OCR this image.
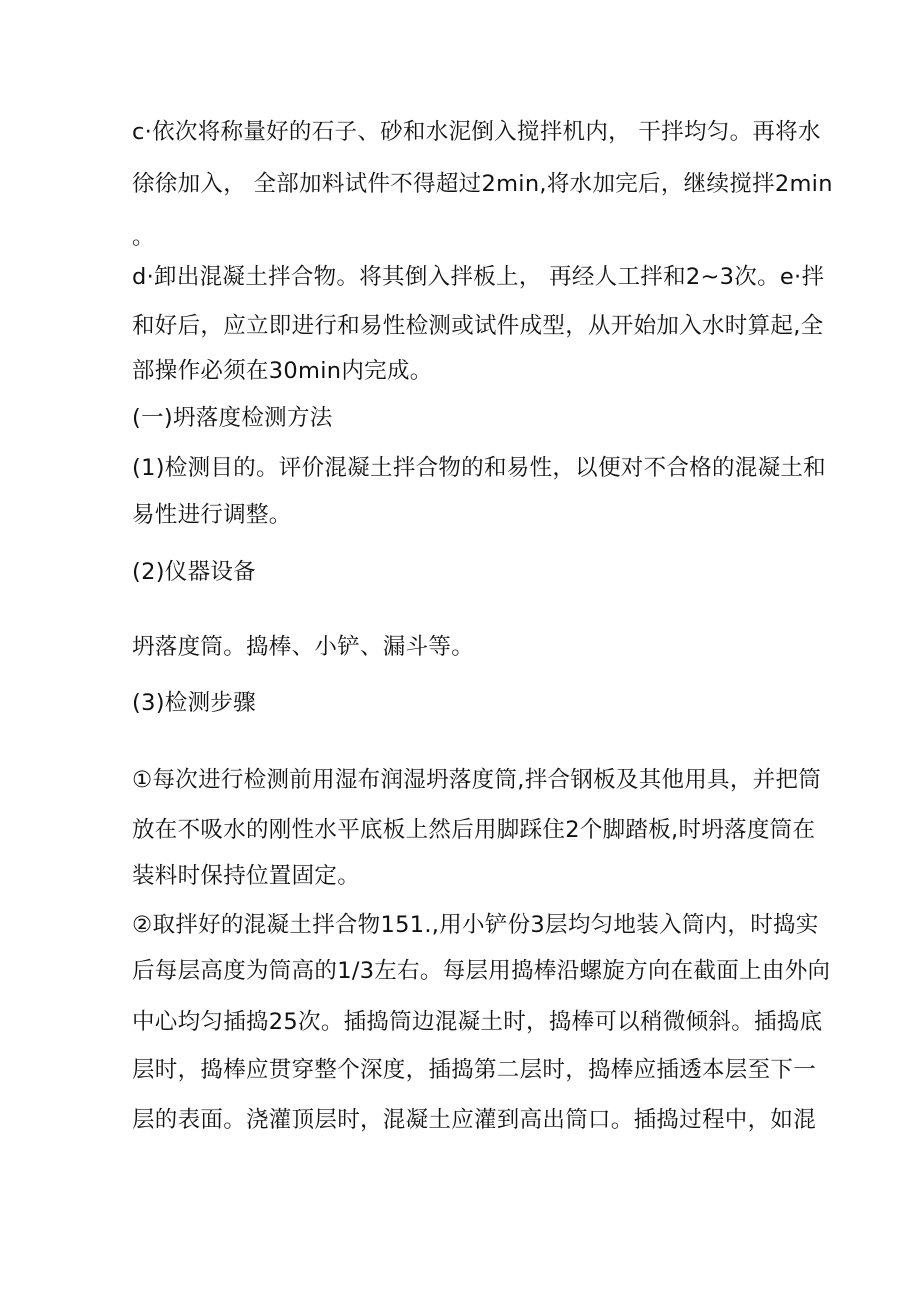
c·依次将称量好的石子、砂和水泥倒入搅拌机内， 干拌均匀。再将水

徐徐加入， 全部加料试件不得超过2min,将水加完后，继续搅拌2min

。

d·卸出混凝土拌合物。将其倒入拌板上， 再经人工拌和2~3次。e·拌

和好后，应立即进行和易性检测或试件成型，从开始加入水时算起,全

部操作必须在30min内完成。

(一)坍落度检测方法

(1)检测目的。评价混凝土拌合物的和易性，以便对不合格的混凝土和

易性进行调整。

(2)仪器设备

坍落度筒。捣棒、小铲、漏斗等。

(3)检测步骤

①每次进行检测前用湿布润湿坍落度筒,拌合钢板及其他用具，并把筒

放在不吸水的刚性水平底板上然后用脚踩住2个脚踏板,时坍落度筒在

装料时保持位置固定。

②取拌好的混凝土拌合物151.,用小铲份3层均匀地装入筒内，时捣实

后每层高度为筒高的1/3左右。每层用捣棒沿螺旋方向在截面上由外向

中心均匀插捣25次。插捣筒边混凝土时，捣棒可以稍微倾斜。插捣底

层时，捣棒应贯穿整个深度，插捣第二层时，捣棒应插透本层至下一

层的表面。浇灌顶层时，混凝土应灌到高出筒口。插捣过程中，如混
